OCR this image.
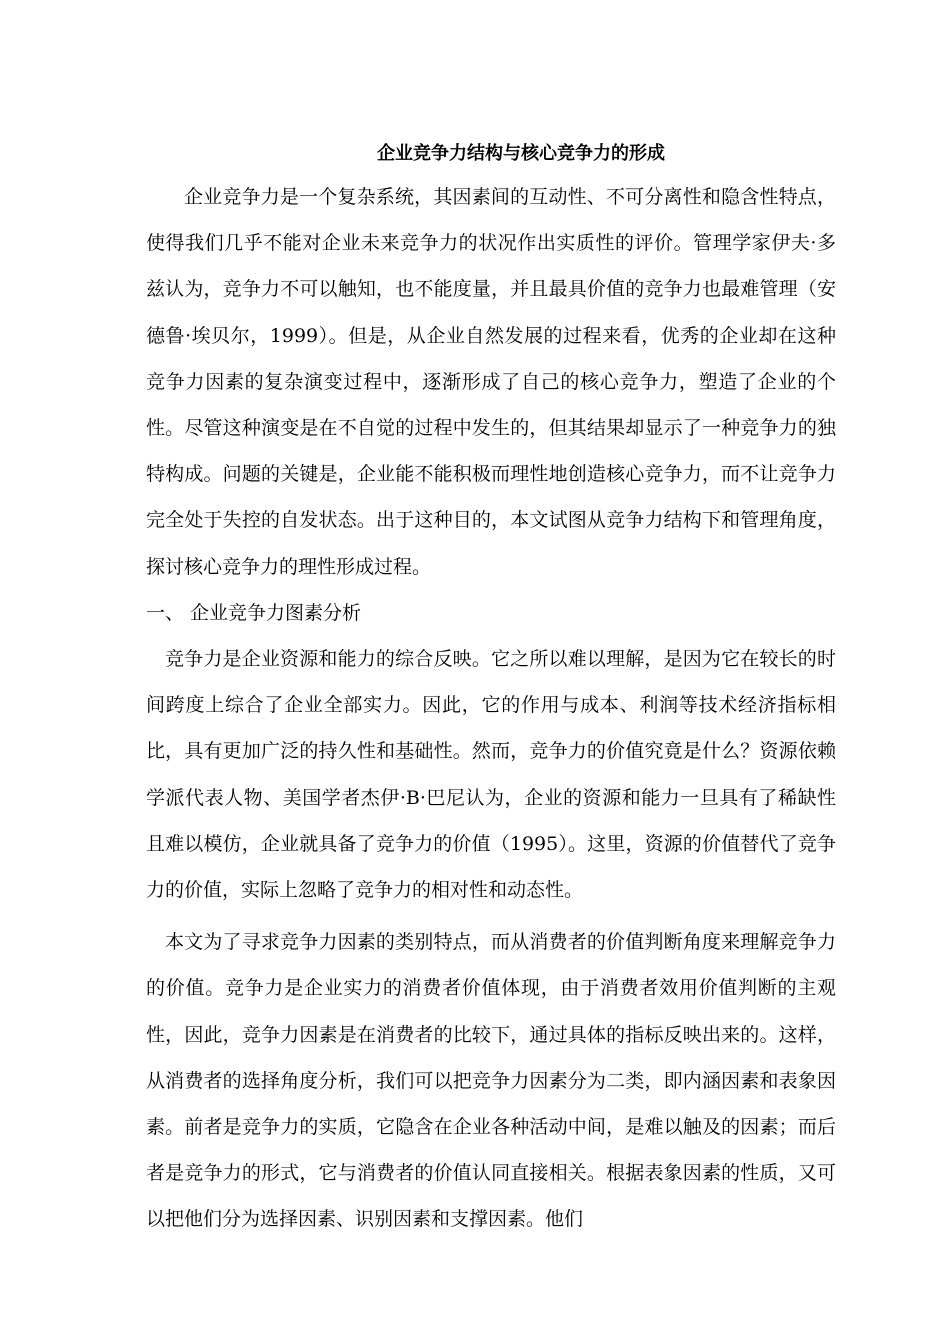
企业竞争力结构与核心竞争力的形成

企业竞争力是一个复杂系统，其因素间的互动性、不可分离性和隐含性特点，使得我们几乎不能对企业未来竞争力的状况作出实质性的评价。管理学家伊夫·多兹认为，竞争力不可以触知，也不能度量，并且最具价值的竞争力也最难管理（安德鲁·埃贝尔，1999）。但是，从企业自然发展的过程来看，优秀的企业却在这种竞争力因素的复杂演变过程中，逐渐形成了自己的核心竞争力，塑造了企业的个性。尽管这种演变是在不自觉的过程中发生的，但其结果却显示了一种竞争力的独特构成。问题的关键是，企业能不能积极而理性地创造核心竞争力，而不让竞争力完全处于失控的自发状态。出于这种目的，本文试图从竞争力结构下和管理角度，探讨核心竞争力的理性形成过程。

一、 企业竞争力图素分析

竞争力是企业资源和能力的综合反映。它之所以难以理解，是因为它在较长的时间跨度上综合了企业全部实力。因此，它的作用与成本、利润等技术经济指标相比，具有更加广泛的持久性和基础性。然而，竞争力的价值究竟是什么？资源依赖学派代表人物、美国学者杰伊·B·巴尼认为，企业的资源和能力一旦具有了稀缺性且难以模仿，企业就具备了竞争力的价值（1995）。这里，资源的价值替代了竞争力的价值，实际上忽略了竞争力的相对性和动态性。

本文为了寻求竞争力因素的类别特点，而从消费者的价值判断角度来理解竞争力的价值。竞争力是企业实力的消费者价值体现，由于消费者效用价值判断的主观性，因此，竞争力因素是在消费者的比较下，通过具体的指标反映出来的。这样，从消费者的选择角度分析，我们可以把竞争力因素分为二类，即内涵因素和表象因素。前者是竞争力的实质，它隐含在企业各种活动中间，是难以触及的因素；而后者是竞争力的形式，它与消费者的价值认同直接相关。根据表象因素的性质，又可以把他们分为选择因素、识别因素和支撑因素。他们
